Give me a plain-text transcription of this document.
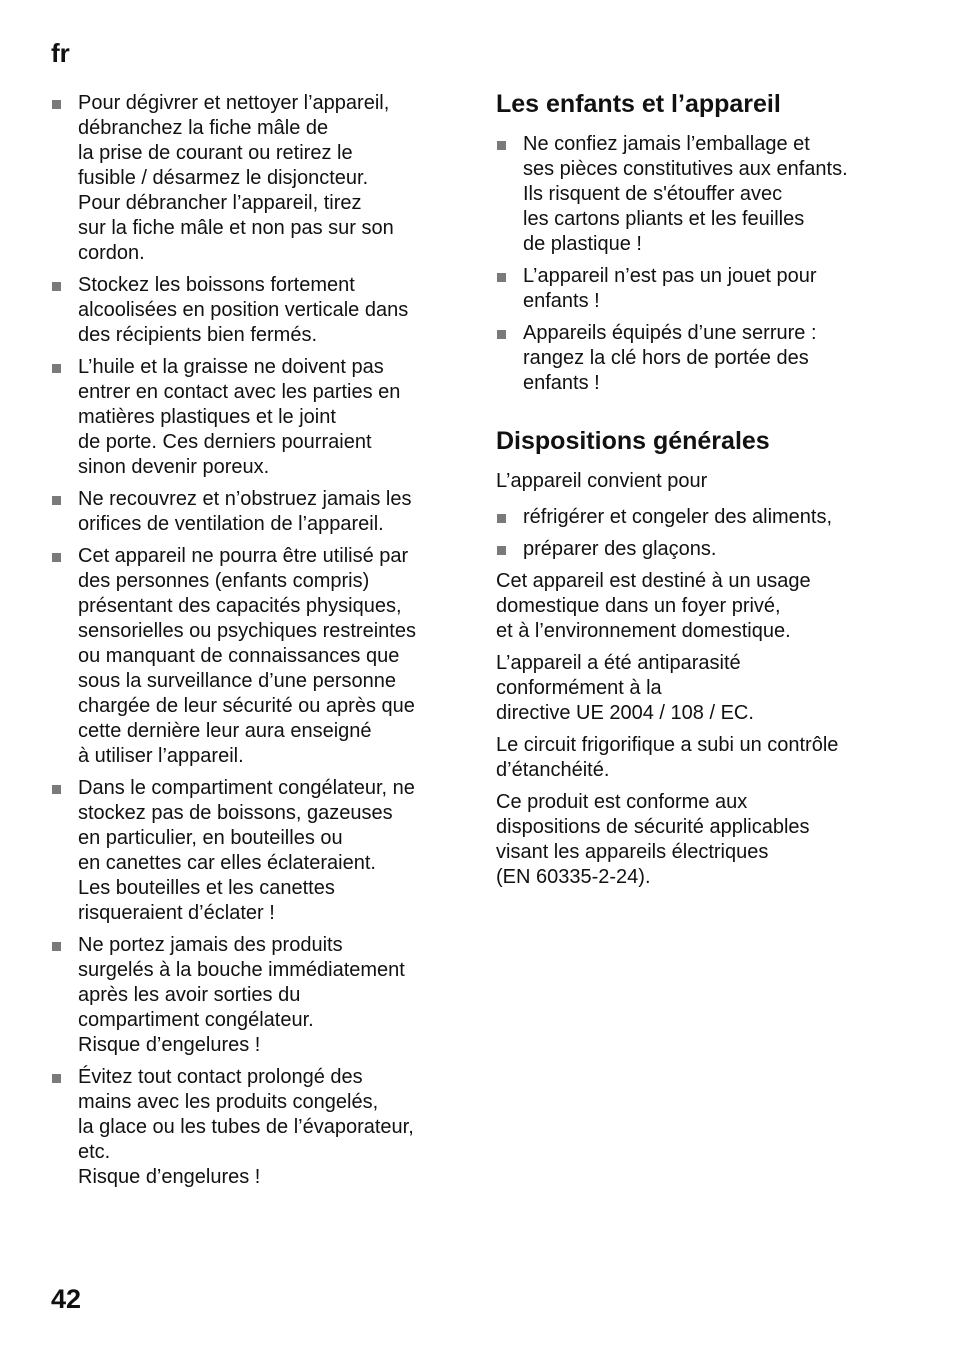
fr
Pour dégivrer et nettoyer l’appareil,
débranchez la fiche mâle de
la prise de courant ou retirez le
fusible / désarmez le disjoncteur.
Pour débrancher l’appareil, tirez
sur la fiche mâle et non pas sur son
cordon.
Stockez les boissons fortement
alcoolisées en position verticale dans
des récipients bien fermés.
L’huile et la graisse ne doivent pas
entrer en contact avec les parties en
matières plastiques et le joint
de porte. Ces derniers pourraient
sinon devenir poreux.
Ne recouvrez et n’obstruez jamais les
orifices de ventilation de l’appareil.
Cet appareil ne pourra être utilisé par
des personnes (enfants compris)
présentant des capacités physiques,
sensorielles ou psychiques restreintes
ou manquant de connaissances que
sous la surveillance d’une personne
chargée de leur sécurité ou après que
cette dernière leur aura enseigné
à utiliser l’appareil.
Dans le compartiment congélateur, ne
stockez pas de boissons, gazeuses
en particulier, en bouteilles ou
en canettes car elles éclateraient.
Les bouteilles et les canettes
risqueraient d’éclater !
Ne portez jamais des produits
surgelés à la bouche immédiatement
après les avoir sorties du
compartiment congélateur.
Risque d’engelures !
Évitez tout contact prolongé des
mains avec les produits congelés,
la glace ou les tubes de l’évaporateur,
etc.
Risque d’engelures !
Les enfants et l’appareil
Ne confiez jamais l’emballage et
ses pièces constitutives aux enfants.
Ils risquent de s'étouffer avec
les cartons pliants et les feuilles
de plastique !
L’appareil n’est pas un jouet pour
enfants !
Appareils équipés d’une serrure :
rangez la clé hors de portée des
enfants !
Dispositions générales

L’appareil convient pour

réfrigérer et congeler des aliments,
préparer des glaçons.

Cet appareil est destiné à un usage
domestique dans un foyer privé,
et à l’environnement domestique.

L’appareil a été antiparasité
conformément à la
directive UE 2004 / 108 / EC.

Le circuit frigorifique a subi un contrôle
d’étanchéité.

Ce produit est conforme aux
dispositions de sécurité applicables
visant les appareils électriques
(EN 60335-2-24).

42
